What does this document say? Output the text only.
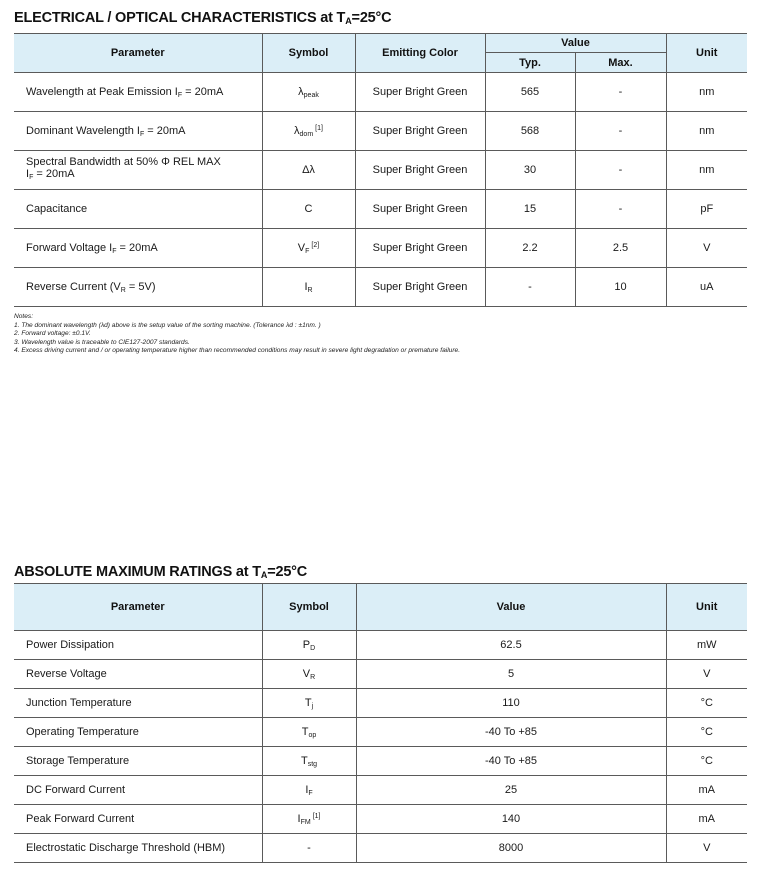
ELECTRICAL / OPTICAL CHARACTERISTICS at $T_A=25^\circ C$
Parameter	Symbol	Emitting Color	Value		Unit
			Typ.	Max.	
Wavelength at Peak Emission $I_F = 20mA$	$\lambda_{peak}$	Super Bright Green	565	-	nm
Dominant Wavelength $I_F = 20mA$	$\lambda_{dom}[1]$	Super Bright Green	568	-	nm
Spectral Bandwidth at 50% Φ REL MAX
$I_F = 20mA$	Δλ	Super Bright Green	30	-	nm
Capacitance	C	Super Bright Green	15	-	pF
Forward Voltage $I_F = 20mA$	$V_F[2]$	Super Bright Green	2.2	2.5	V
Reverse Current $(V_R = 5V)$	$I_R$	Super Bright Green	-	10	uA
Notes:
1. The dominant wavelength (λd) above is the setup value of the sorting machine. (Tolerance λd : ±1nm. )
2. Forward voltage: ±0.1V.
3. Wavelength value is traceable to CIE127-2007 standards.
4. Excess driving current and / or operating temperature higher than recommended conditions may result in severe light degradation or premature failure.
ABSOLUTE MAXIMUM RATINGS at $T_A=25^\circ C$
Parameter	Symbol	Value	Unit
Power Dissipation	$P_D$	62.5	mW
Reverse Voltage	$V_R$	5	V
Junction Temperature	$T_j$	110	°C
Operating Temperature	$T_{op}$	-40 To +85	°C
Storage Temperature	$T_{stg}$	-40 To +85	°C
DC Forward Current	$I_F$	25	mA
Peak Forward Current	$I_{FM}[1]$	140	mA
Electrostatic Discharge Threshold (HBM)	-	8000	V
